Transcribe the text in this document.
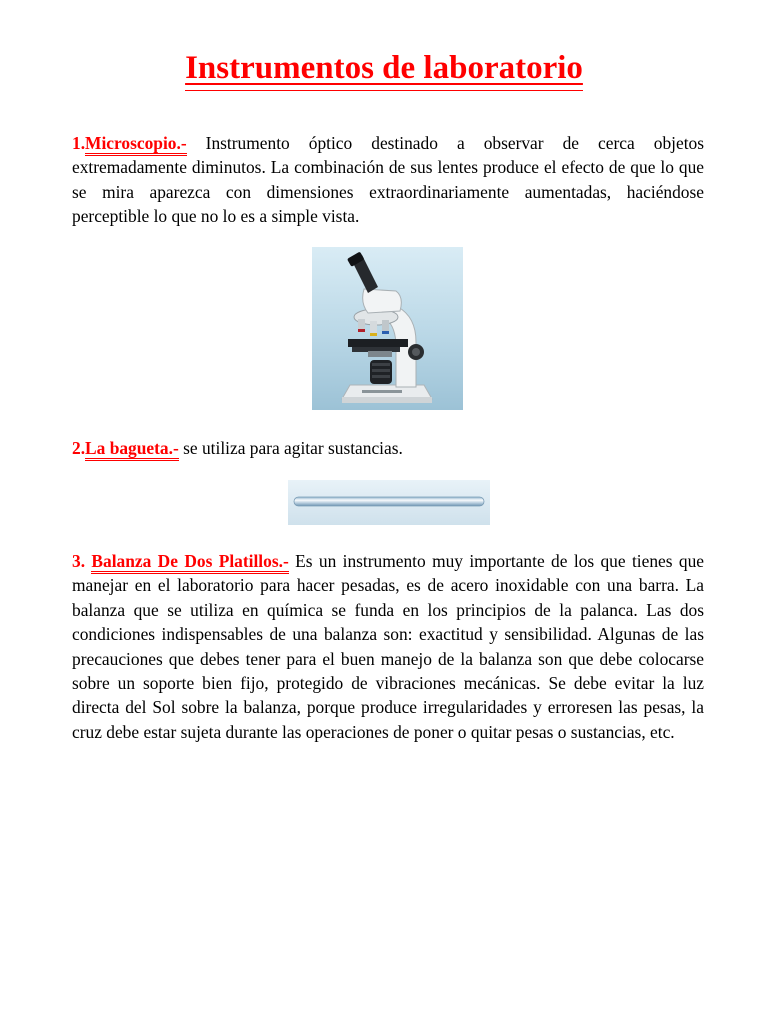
Instrumentos de laboratorio

1.Microscopio.- Instrumento óptico destinado a observar de cerca objetos extremadamente diminutos. La combinación de sus lentes produce el efecto de que lo que se mira aparezca con dimensiones extraordinariamente aumentadas, haciéndose perceptible lo que no lo es a simple vista.

2.La bagueta.- se utiliza para agitar sustancias.

3. Balanza De Dos Platillos.- Es un instrumento muy importante de los que tienes que manejar en el laboratorio para hacer pesadas, es de acero inoxidable con una barra. La balanza que se utiliza en química se funda en los principios de la palanca. Las dos condiciones indispensables de una balanza son: exactitud y sensibilidad. Algunas de las precauciones que debes tener para el buen manejo de la balanza son que debe colocarse sobre un soporte bien fijo, protegido de vibraciones mecánicas. Se debe evitar la luz directa del Sol sobre la balanza, porque produce irregularidades y erroresen las pesas, la cruz debe estar sujeta durante las operaciones de poner o quitar pesas o sustancias, etc.
